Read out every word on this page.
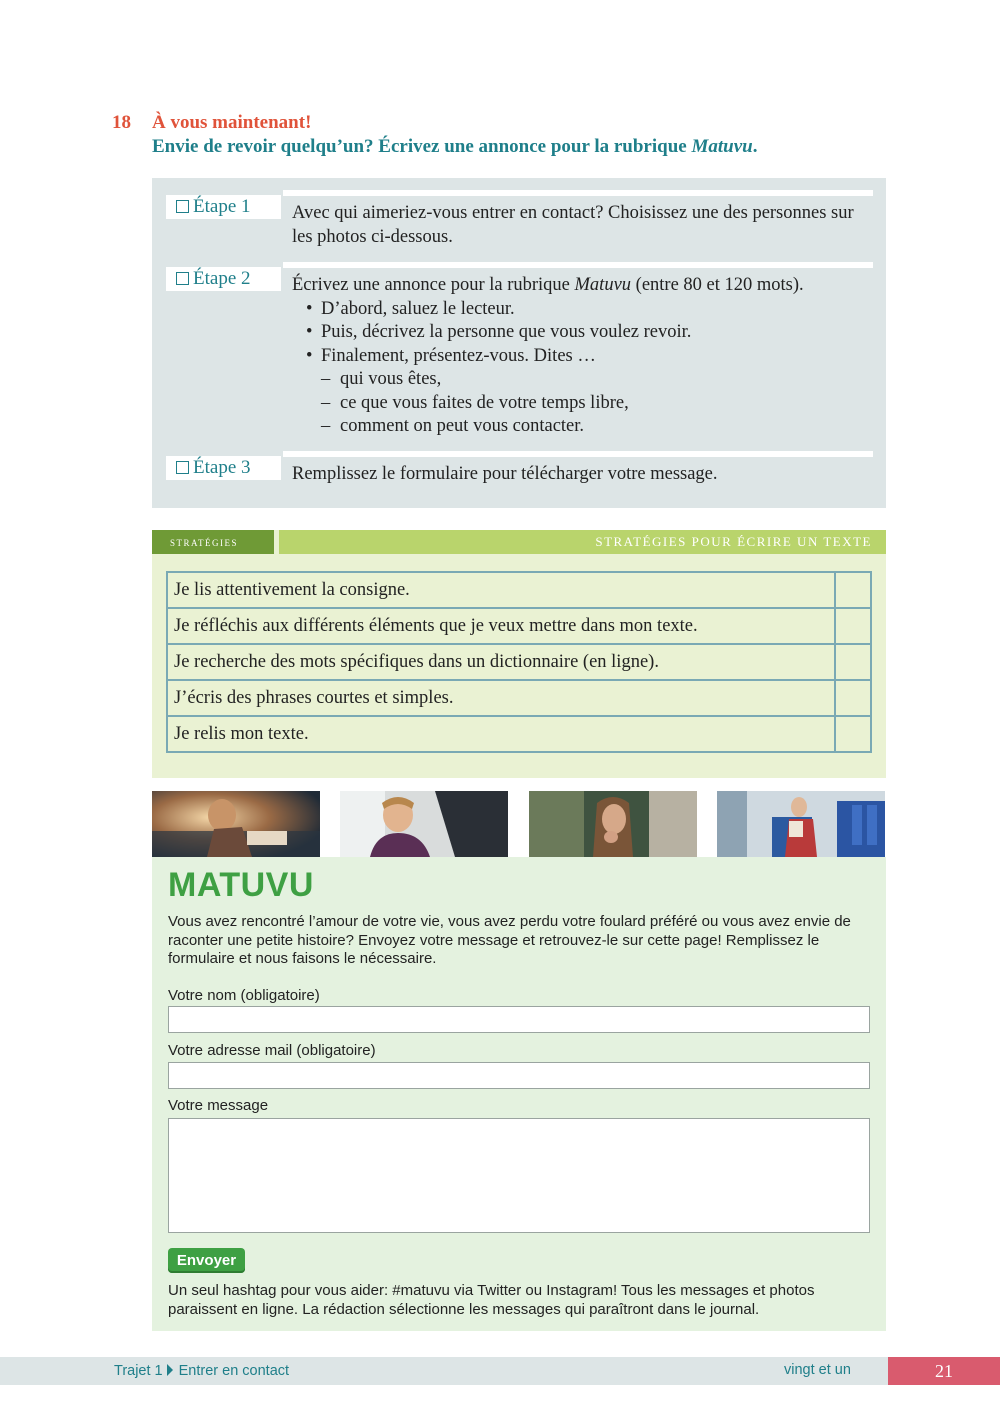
18 À vous maintenant!
Envie de revoir quelqu’un? Écrivez une annonce pour la rubrique Matuvu.
Étape 1	Avec qui aimeriez-vous entrer en contact? Choisissez une des personnes sur les photos ci-dessous.
Étape 2	Écrivez une annonce pour la rubrique Matuvu (entre 80 et 120 mots).
• D’abord, saluez le lecteur.
• Puis, décrivez la personne que vous voulez revoir.
• Finalement, présentez-vous. Dites …
– qui vous êtes,
– ce que vous faites de votre temps libre,
– comment on peut vous contacter.
Étape 3	Remplissez le formulaire pour télécharger votre message.
stratégies	STRATÉGIES POUR ÉCRIRE UN TEXTE
Je lis attentivement la consigne.	
Je réfléchis aux différents éléments que je veux mettre dans mon texte.	
Je recherche des mots spécifiques dans un dictionnaire (en ligne).	
J’écris des phrases courtes et simples.	
Je relis mon texte.	
MATUVU
Vous avez rencontré l’amour de votre vie, vous avez perdu votre foulard préféré ou vous avez envie de raconter une petite histoire? Envoyez votre message et retrouvez-le sur cette page! Remplissez le formulaire et nous faisons le nécessaire.
Votre nom (obligatoire)
Votre adresse mail (obligatoire)
Votre message
Envoyer
Un seul hashtag pour vous aider: #matuvu via Twitter ou Instagram! Tous les messages et photos paraissent en ligne. La rédaction sélectionne les messages qui paraîtront dans le journal.
Trajet 1 Entrer en contact	vingt et un	21
